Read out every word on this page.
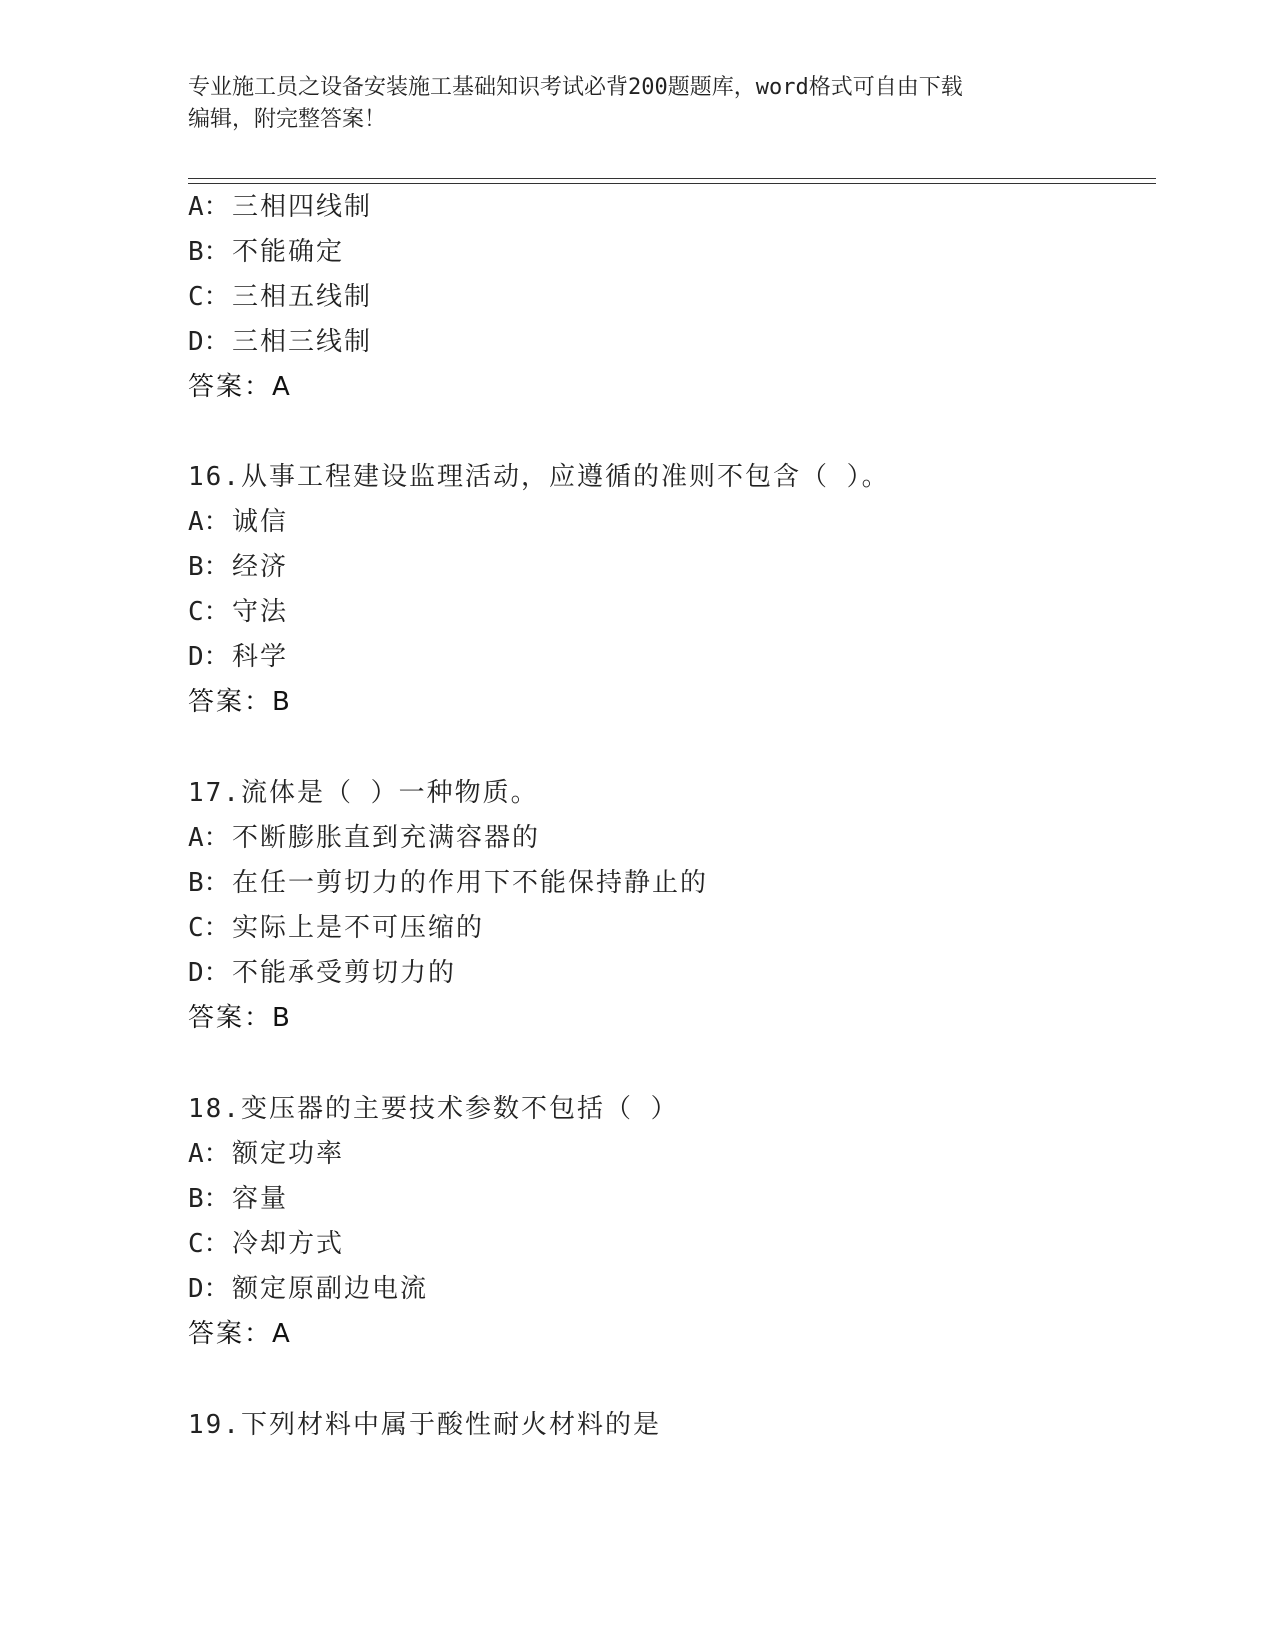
专业施工员之设备安装施工基础知识考试必背200题题库，word格式可自由下载
编辑，附完整答案！
A：三相四线制
B：不能确定
C：三相五线制
D：三相三线制
答案：A
16.从事工程建设监理活动，应遵循的准则不包含（ ）。
A：诚信
B：经济
C：守法
D：科学
答案：B
17.流体是（ ）一种物质。
A：不断膨胀直到充满容器的
B：在任一剪切力的作用下不能保持静止的
C：实际上是不可压缩的
D：不能承受剪切力的
答案：B
18.变压器的主要技术参数不包括（ ）
A：额定功率
B：容量
C：冷却方式
D：额定原副边电流
答案：A
19.下列材料中属于酸性耐火材料的是
